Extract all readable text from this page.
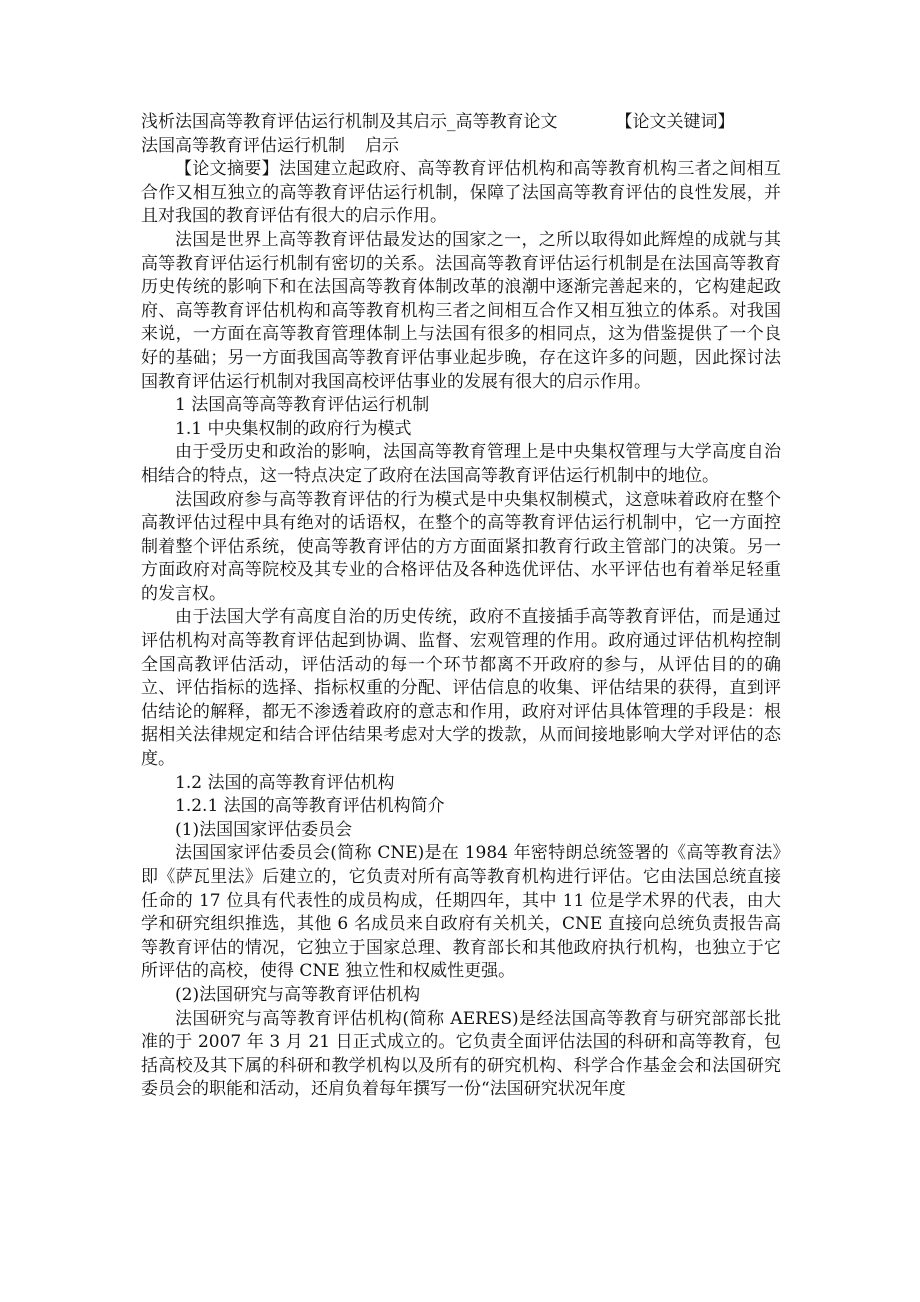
浅析法国高等教育评估运行机制及其启示_高等教育论文	【论文关键词】

法国高等教育评估运行机制 启示

【论文摘要】法国建立起政府、高等教育评估机构和高等教育机构三者之间相互合作又相互独立的高等教育评估运行机制，保障了法国高等教育评估的良性发展，并且对我国的教育评估有很大的启示作用。

法国是世界上高等教育评估最发达的国家之一，之所以取得如此辉煌的成就与其高等教育评估运行机制有密切的关系。法国高等教育评估运行机制是在法国高等教育历史传统的影响下和在法国高等教育体制改革的浪潮中逐渐完善起来的，它构建起政府、高等教育评估机构和高等教育机构三者之间相互合作又相互独立的体系。对我国来说，一方面在高等教育管理体制上与法国有很多的相同点，这为借鉴提供了一个良好的基础；另一方面我国高等教育评估事业起步晚，存在这许多的问题，因此探讨法国教育评估运行机制对我国高校评估事业的发展有很大的启示作用。

1 法国高等高等教育评估运行机制

1.1 中央集权制的政府行为模式

由于受历史和政治的影响，法国高等教育管理上是中央集权管理与大学高度自治相结合的特点，这一特点决定了政府在法国高等教育评估运行机制中的地位。

法国政府参与高等教育评估的行为模式是中央集权制模式，这意味着政府在整个高教评估过程中具有绝对的话语权，在整个的高等教育评估运行机制中，它一方面控制着整个评估系统，使高等教育评估的方方面面紧扣教育行政主管部门的决策。另一方面政府对高等院校及其专业的合格评估及各种选优评估、水平评估也有着举足轻重的发言权。

由于法国大学有高度自治的历史传统，政府不直接插手高等教育评估，而是通过评估机构对高等教育评估起到协调、监督、宏观管理的作用。政府通过评估机构控制全国高教评估活动，评估活动的每一个环节都离不开政府的参与，从评估目的的确立、评估指标的选择、指标权重的分配、评估信息的收集、评估结果的获得，直到评估结论的解释，都无不渗透着政府的意志和作用，政府对评估具体管理的手段是：根据相关法律规定和结合评估结果考虑对大学的拨款，从而间接地影响大学对评估的态度。

1.2 法国的高等教育评估机构

1.2.1 法国的高等教育评估机构简介

(1)法国国家评估委员会

法国国家评估委员会(简称 CNE)是在 1984 年密特朗总统签署的《高等教育法》即《萨瓦里法》后建立的，它负责对所有高等教育机构进行评估。它由法国总统直接任命的 17 位具有代表性的成员构成，任期四年，其中 11 位是学术界的代表，由大学和研究组织推选，其他 6 名成员来自政府有关机关，CNE 直接向总统负责报告高等教育评估的情况，它独立于国家总理、教育部长和其他政府执行机构，也独立于它所评估的高校，使得 CNE 独立性和权威性更强。

(2)法国研究与高等教育评估机构

法国研究与高等教育评估机构(简称 AERES)是经法国高等教育与研究部部长批准的于 2007 年 3 月 21 日正式成立的。它负责全面评估法国的科研和高等教育，包括高校及其下属的科研和教学机构以及所有的研究机构、科学合作基金会和法国研究委员会的职能和活动，还肩负着每年撰写一份“法国研究状况年度
